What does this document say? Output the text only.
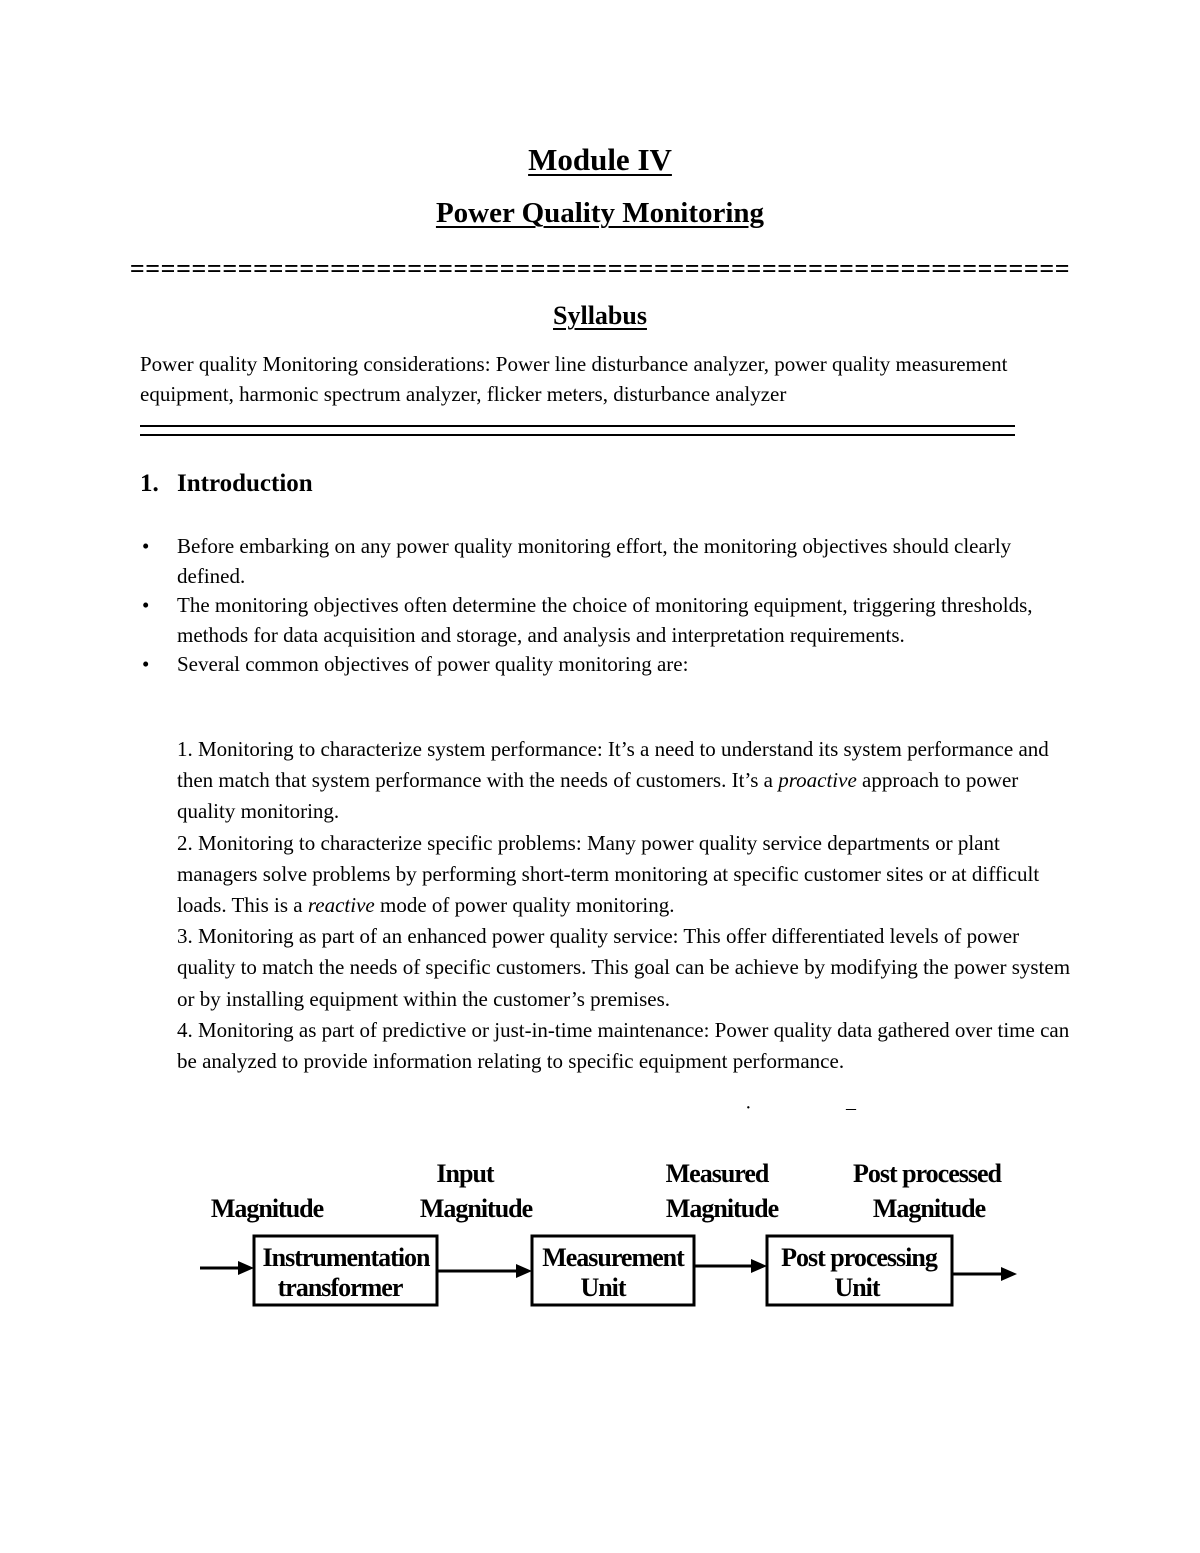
Module IV
Power Quality Monitoring
=============================================================
Syllabus

Power quality Monitoring considerations: Power line disturbance analyzer, power quality measurement equipment, harmonic spectrum analyzer, flicker meters, disturbance analyzer

1. Introduction
• Before embarking on any power quality monitoring effort, the monitoring objectives should clearly defined.
• The monitoring objectives often determine the choice of monitoring equipment, triggering thresholds, methods for data acquisition and storage, and analysis and interpretation requirements.
• Several common objectives of power quality monitoring are:
1. Monitoring to characterize system performance: It’s a need to understand its system performance and then match that system performance with the needs of customers. It’s a proactive approach to power quality monitoring.
2. Monitoring to characterize specific problems: Many power quality service departments or plant managers solve problems by performing short-term monitoring at specific customer sites or at difficult loads. This is a reactive mode of power quality monitoring.
3. Monitoring as part of an enhanced power quality service: This offer differentiated levels of power quality to match the needs of specific customers. This goal can be achieve by modifying the power system or by installing equipment within the customer’s premises.
4. Monitoring as part of predictive or just-in-time maintenance: Power quality data gathered over time can be analyzed to provide information relating to specific equipment performance.
·	–
Magnitude
Input
Magnitude
Measured
Magnitude
Post processed
Magnitude
Instrumentation
transformer
Measurement
Unit
Post processing
Unit
